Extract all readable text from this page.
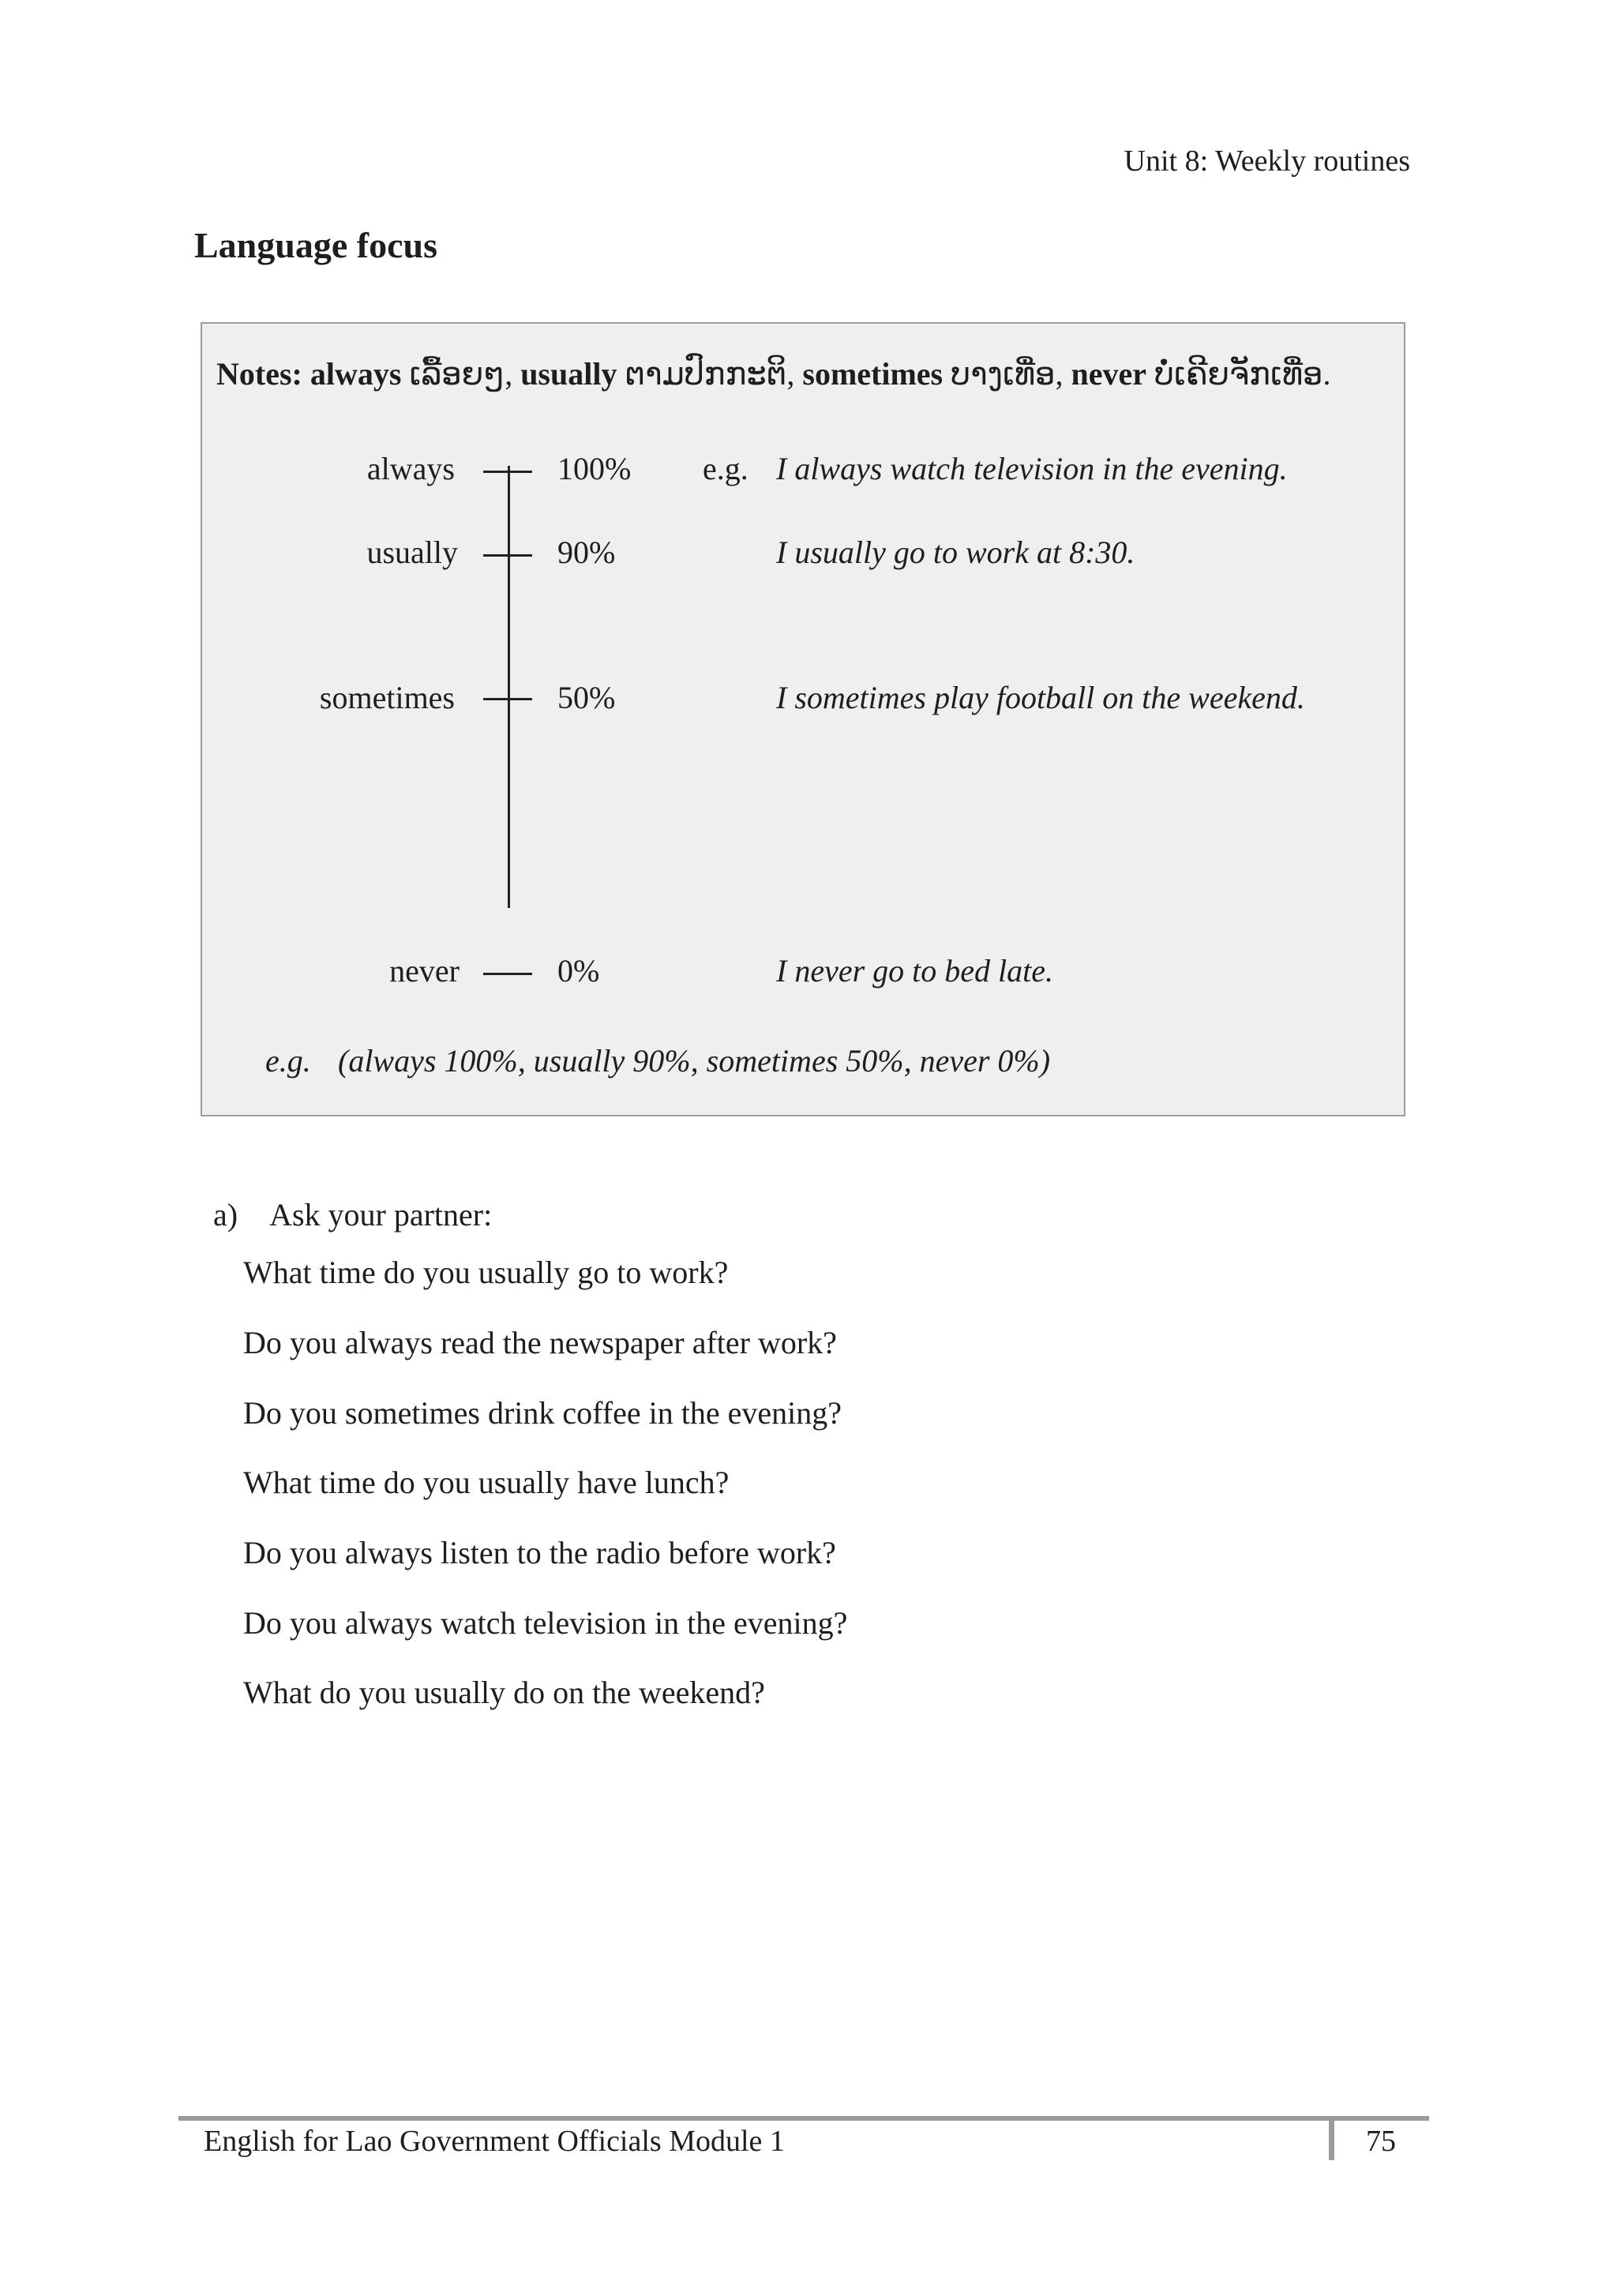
Unit 8: Weekly routines
Language focus
Notes: always ເລື້ອຍໆ, usually ຕາມປົກກະຕິ, sometimes ບາງເທື່ອ, never ບໍ່ເຄີຍຈັກເທື່ອ.
always	100% e.g. I always watch television in the evening.
usually	90%	I usually go to work at 8:30.
sometimes	50%	I sometimes play football on the weekend.
never	0%	I never go to bed late.
e.g. (always 100%, usually 90%, sometimes 50%, never 0%)
a) Ask your partner:
What time do you usually go to work?
Do you always read the newspaper after work?
Do you sometimes drink coffee in the evening?
What time do you usually have lunch?
Do you always listen to the radio before work?
Do you always watch television in the evening?
What do you usually do on the weekend?
English for Lao Government Officials Module 1	75
